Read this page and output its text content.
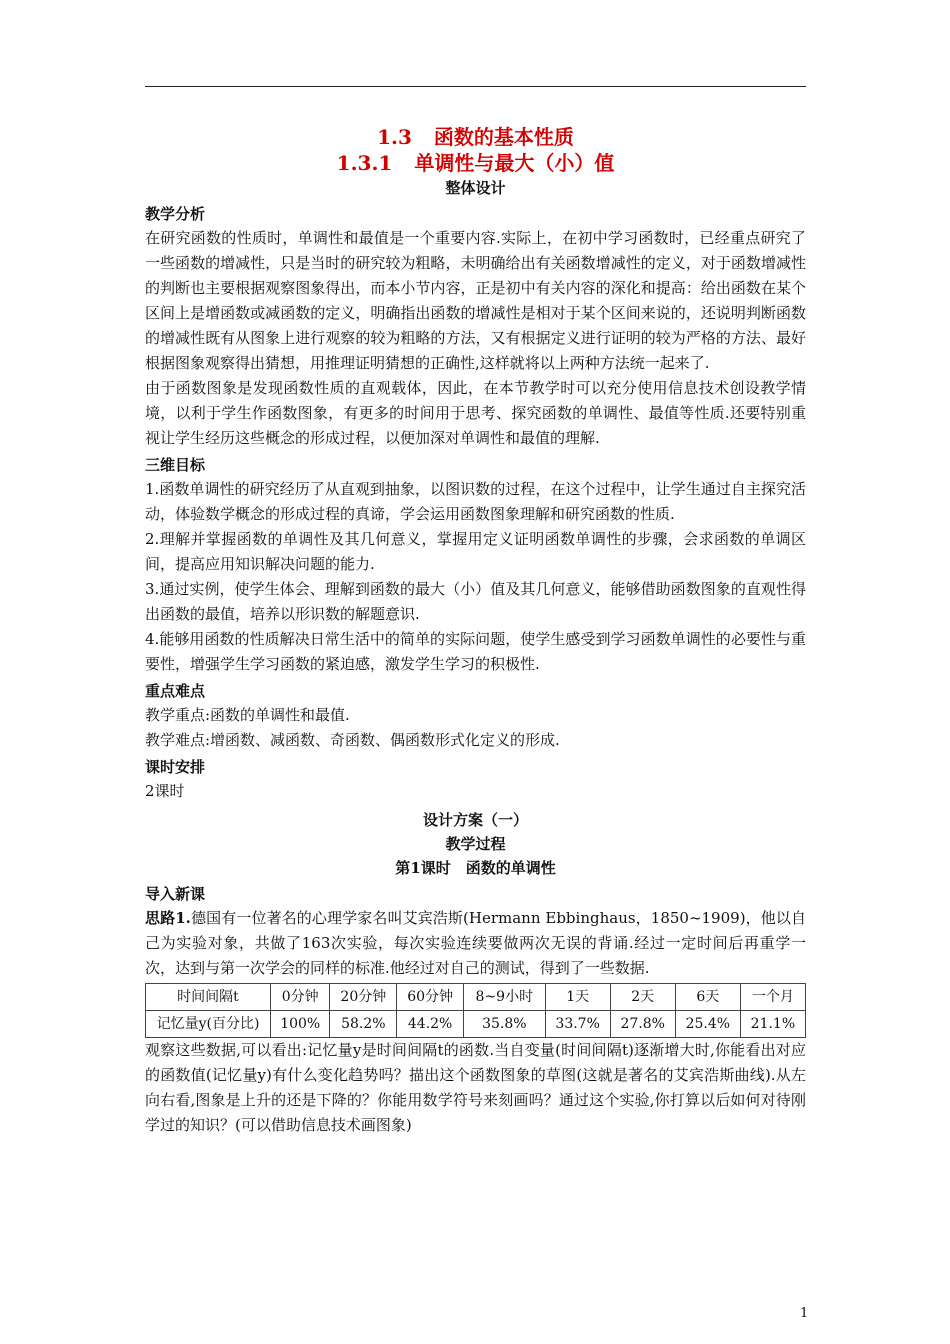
1.3 函数的基本性质
1.3.1 单调性与最大（小）值
整体设计
教学分析

在研究函数的性质时，单调性和最值是一个重要内容.实际上，在初中学习函数时，已经重点研究了一些函数的增减性，只是当时的研究较为粗略，未明确给出有关函数增减性的定义，对于函数增减性的判断也主要根据观察图象得出，而本小节内容，正是初中有关内容的深化和提高：给出函数在某个区间上是增函数或减函数的定义，明确指出函数的增减性是相对于某个区间来说的，还说明判断函数的增减性既有从图象上进行观察的较为粗略的方法，又有根据定义进行证明的较为严格的方法、最好根据图象观察得出猜想，用推理证明猜想的正确性,这样就将以上两种方法统一起来了.

由于函数图象是发现函数性质的直观载体，因此，在本节教学时可以充分使用信息技术创设教学情境，以利于学生作函数图象，有更多的时间用于思考、探究函数的单调性、最值等性质.还要特别重视让学生经历这些概念的形成过程，以便加深对单调性和最值的理解.

三维目标

1.函数单调性的研究经历了从直观到抽象，以图识数的过程，在这个过程中，让学生通过自主探究活动，体验数学概念的形成过程的真谛，学会运用函数图象理解和研究函数的性质.

2.理解并掌握函数的单调性及其几何意义，掌握用定义证明函数单调性的步骤，会求函数的单调区间，提高应用知识解决问题的能力.

3.通过实例，使学生体会、理解到函数的最大（小）值及其几何意义，能够借助函数图象的直观性得出函数的最值，培养以形识数的解题意识.

4.能够用函数的性质解决日常生活中的简单的实际问题，使学生感受到学习函数单调性的必要性与重要性，增强学生学习函数的紧迫感，激发学生学习的积极性.

重点难点

教学重点:函数的单调性和最值.

教学难点:增函数、减函数、奇函数、偶函数形式化定义的形成.

课时安排

2课时

设计方案（一）
教学过程
第1课时　函数的单调性
导入新课

思路1.德国有一位著名的心理学家名叫艾宾浩斯(Hermann Ebbinghaus，1850~1909)，他以自己为实验对象，共做了163次实验，每次实验连续要做两次无误的背诵.经过一定时间后再重学一次，达到与第一次学会的同样的标准.他经过对自己的测试，得到了一些数据.

时间间隔t	0分钟	20分钟	60分钟	8~9小时	1天	2天	6天	一个月
记忆量y(百分比)	100%	58.2%	44.2%	35.8%	33.7%	27.8%	25.4%	21.1%

观察这些数据,可以看出:记忆量y是时间间隔t的函数.当自变量(时间间隔t)逐渐增大时,你能看出对应的函数值(记忆量y)有什么变化趋势吗？描出这个函数图象的草图(这就是著名的艾宾浩斯曲线).从左向右看,图象是上升的还是下降的？你能用数学符号来刻画吗？通过这个实验,你打算以后如何对待刚学过的知识？(可以借助信息技术画图象)

1
